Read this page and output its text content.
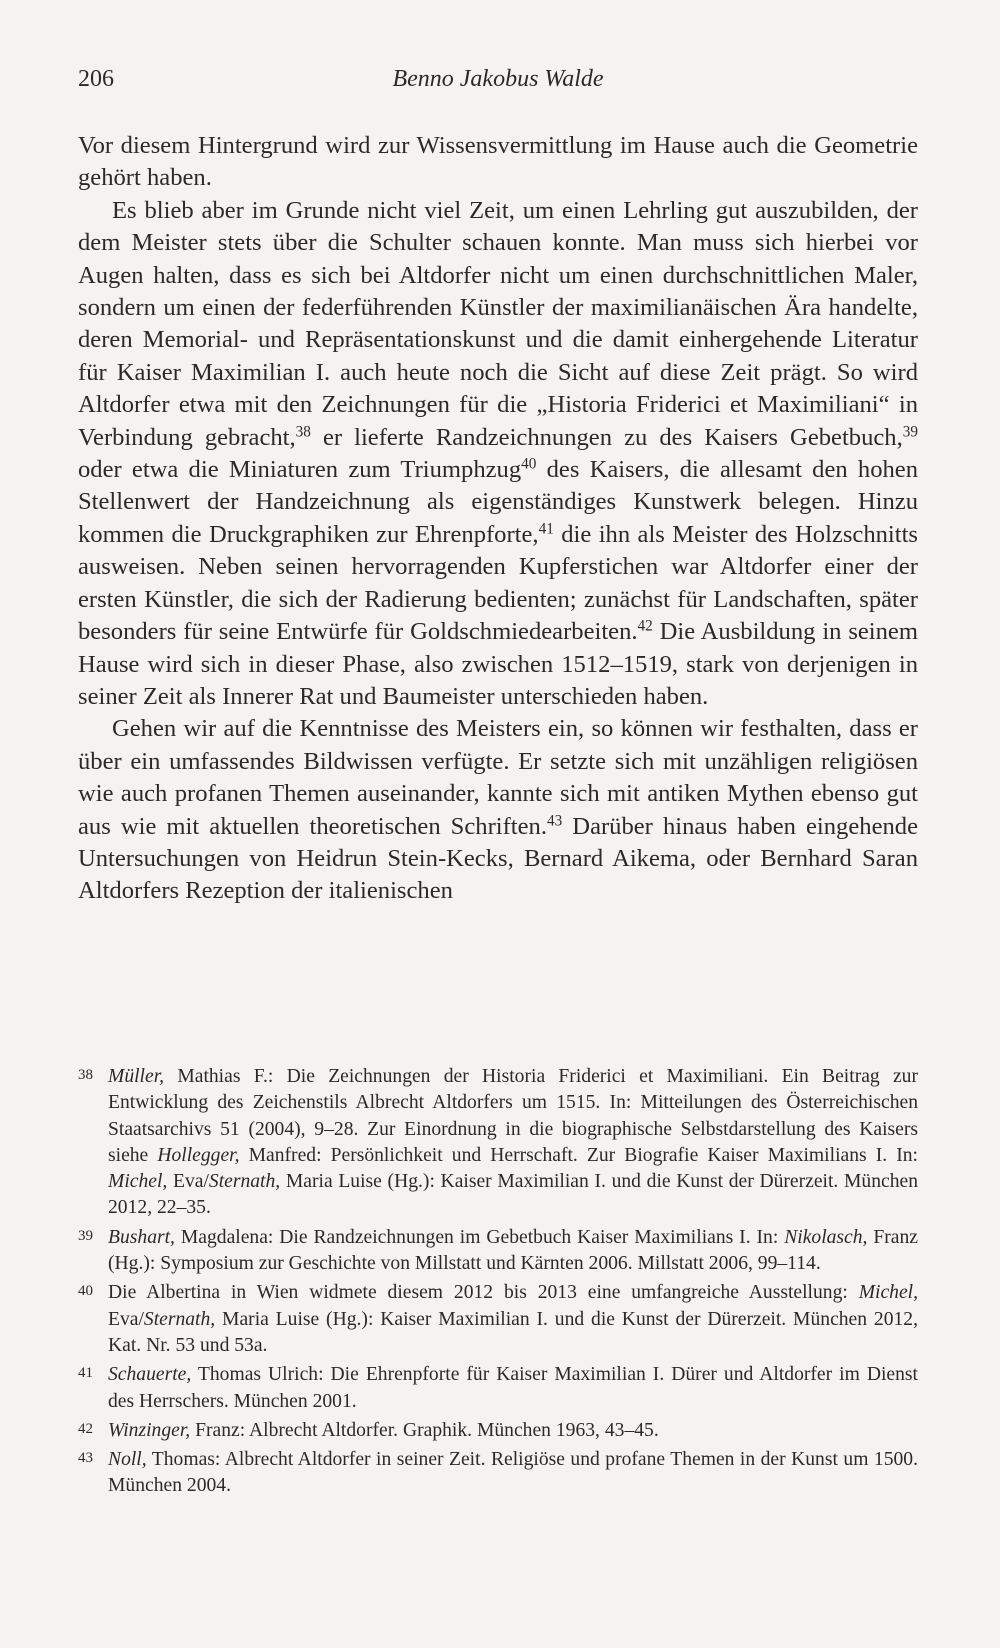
206	Benno Jakobus Walde

Vor diesem Hintergrund wird zur Wissensvermittlung im Hause auch die Geometrie gehört haben.

Es blieb aber im Grunde nicht viel Zeit, um einen Lehrling gut auszubilden, der dem Meister stets über die Schulter schauen konnte. Man muss sich hierbei vor Augen halten, dass es sich bei Altdorfer nicht um einen durchschnittlichen Maler, sondern um einen der federführenden Künstler der maximilianäischen Ära handelte, deren Memorial- und Repräsentationskunst und die damit einhergehende Literatur für Kaiser Maximilian I. auch heute noch die Sicht auf diese Zeit prägt. So wird Altdorfer etwa mit den Zeichnungen für die „Historia Friderici et Maximiliani“ in Verbindung gebracht,$^{38}$ er lieferte Randzeichnungen zu des Kaisers Gebetbuch,$^{39}$ oder etwa die Miniaturen zum Triumphzug$^{40}$ des Kaisers, die allesamt den hohen Stellenwert der Handzeichnung als eigenständiges Kunstwerk belegen. Hinzu kommen die Druckgraphiken zur Ehrenpforte,$^{41}$ die ihn als Meister des Holzschnitts ausweisen. Neben seinen hervorragenden Kupferstichen war Altdorfer einer der ersten Künstler, die sich der Radierung bedienten; zunächst für Landschaften, später besonders für seine Entwürfe für Goldschmiedearbeiten.$^{42}$ Die Ausbildung in seinem Hause wird sich in dieser Phase, also zwischen 1512–1519, stark von derjenigen in seiner Zeit als Innerer Rat und Baumeister unterschieden haben.

Gehen wir auf die Kenntnisse des Meisters ein, so können wir festhalten, dass er über ein umfassendes Bildwissen verfügte. Er setzte sich mit unzähligen religiösen wie auch profanen Themen auseinander, kannte sich mit antiken Mythen ebenso gut aus wie mit aktuellen theoretischen Schriften.$^{43}$ Darüber hinaus haben eingehende Untersuchungen von Heidrun Stein-Kecks, Bernard Aikema, oder Bernhard Saran Altdorfers Rezeption der italienischen

38 Müller, Mathias F.: Die Zeichnungen der Historia Friderici et Maximiliani. Ein Beitrag zur Entwicklung des Zeichenstils Albrecht Altdorfers um 1515. In: Mitteilungen des Österreichischen Staatsarchivs 51 (2004), 9–28. Zur Einordnung in die biographische Selbstdarstellung des Kaisers siehe Hollegger, Manfred: Persönlichkeit und Herrschaft. Zur Biografie Kaiser Maximilians I. In: Michel, Eva/Sternath, Maria Luise (Hg.): Kaiser Maximilian I. und die Kunst der Dürerzeit. München 2012, 22–35.
39 Bushart, Magdalena: Die Randzeichnungen im Gebetbuch Kaiser Maximilians I. In: Nikolasch, Franz (Hg.): Symposium zur Geschichte von Millstatt und Kärnten 2006. Millstatt 2006, 99–114.
40 Die Albertina in Wien widmete diesem 2012 bis 2013 eine umfangreiche Ausstellung: Michel, Eva/Sternath, Maria Luise (Hg.): Kaiser Maximilian I. und die Kunst der Dürerzeit. München 2012, Kat. Nr. 53 und 53a.
41 Schauerte, Thomas Ulrich: Die Ehrenpforte für Kaiser Maximilian I. Dürer und Altdorfer im Dienst des Herrschers. München 2001.
42 Winzinger, Franz: Albrecht Altdorfer. Graphik. München 1963, 43–45.
43 Noll, Thomas: Albrecht Altdorfer in seiner Zeit. Religiöse und profane Themen in der Kunst um 1500. München 2004.
